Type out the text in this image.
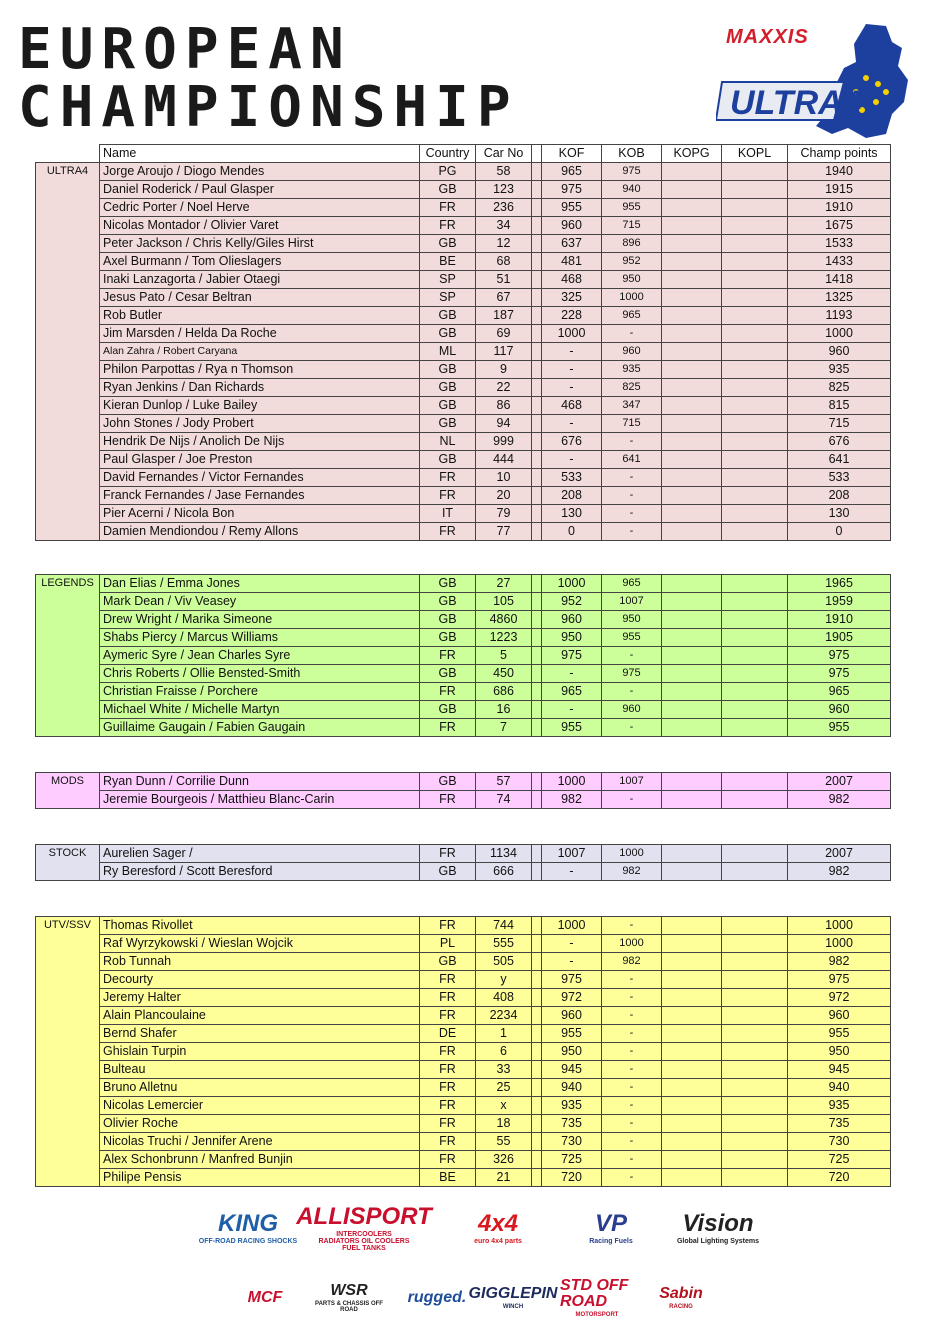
EUROPEAN
CHAMPIONSHIP	ULTRA4
MAXXIS
	Name	Country	Car No		KOF	KOB	KOPG	KOPL	Champ points
ULTRA4	Jorge Aroujo / Diogo Mendes	PG	58		965	975			1940
	Daniel Roderick / Paul Glasper	GB	123		975	940			1915
	Cedric Porter / Noel Herve	FR	236		955	955			1910
	Nicolas Montador / Olivier Varet	FR	34		960	715			1675
	Peter Jackson / Chris Kelly/Giles Hirst	GB	12		637	896			1533
	Axel Burmann / Tom Olieslagers	BE	68		481	952			1433
	Inaki Lanzagorta / Jabier Otaegi	SP	51		468	950			1418
	Jesus Pato / Cesar Beltran	SP	67		325	1000			1325
	Rob Butler	GB	187		228	965			1193
	Jim Marsden / Helda Da Roche	GB	69		1000	-			1000
	Alan Zahra / Robert Caryana	ML	117		-	960			960
	Philon Parpottas / Rya n Thomson	GB	9		-	935			935
	Ryan Jenkins / Dan Richards	GB	22		-	825			825
	Kieran Dunlop / Luke Bailey	GB	86		468	347			815
	John Stones / Jody Probert	GB	94		-	715			715
	Hendrik De Nijs / Anolich De Nijs	NL	999		676	-			676
	Paul Glasper / Joe Preston	GB	444		-	641			641
	David Fernandes / Victor Fernandes	FR	10		533	-			533
	Franck Fernandes / Jase Fernandes	FR	20		208	-			208
	Pier Acerni / Nicola Bon	IT	79		130	-			130
	Damien Mendiondou / Remy Allons	FR	77		0	-			0
LEGENDS	Dan Elias / Emma Jones	GB	27		1000	965			1965
	Mark Dean / Viv Veasey	GB	105		952	1007			1959
	Drew Wright / Marika Simeone	GB	4860		960	950			1910
	Shabs Piercy / Marcus Williams	GB	1223		950	955			1905
	Aymeric Syre / Jean Charles Syre	FR	5		975	-			975
	Chris Roberts / Ollie Bensted-Smith	GB	450		-	975			975
	Christian Fraisse / Porchere	FR	686		965	-			965
	Michael White / Michelle Martyn	GB	16		-	960			960
	Guillaime Gaugain / Fabien Gaugain	FR	7		955	-			955
MODS	Ryan Dunn / Corrilie Dunn	GB	57		1000	1007			2007
	Jeremie Bourgeois / Matthieu Blanc-Carin	FR	74		982	-			982
STOCK	Aurelien Sager /	FR	1134		1007	1000			2007
	Ry Beresford / Scott Beresford	GB	666		-	982			982
UTV/SSV	Thomas Rivollet	FR	744		1000	-			1000
	Raf Wyrzykowski / Wieslan Wojcik	PL	555		-	1000			1000
	Rob Tunnah	GB	505		-	982			982
	Decourty	FR	y		975	-			975
	Jeremy Halter	FR	408		972	-			972
	Alain Plancoulaine	FR	2234		960	-			960
	Bernd Shafer	DE	1		955	-			955
	Ghislain Turpin	FR	6		950	-			950
	Bulteau	FR	33		945	-			945
	Bruno Alletnu	FR	25		940	-			940
	Nicolas Lemercier	FR	x		935	-			935
	Olivier Roche	FR	18		735	-			735
	Nicolas Truchi / Jennifer Arene	FR	55		730	-			730
	Alex Schonbrunn / Manfred Bunjin	FR	326		725	-			725
	Philipe Pensis	BE	21		720	-			720
KING
OFF-ROAD RACING SHOCKS
ALLISPORT
INTERCOOLERS RADIATORS OIL COOLERS FUEL TANKS
4x4
euro 4x4 parts
VP
Racing Fuels
Vision
Global Lighting Systems
MCF	WSR
PARTS & CHASSIS OFF ROAD
rugged. GIGGLEPIN
WINCH
STD OFF ROAD
MOTORSPORT
Sabin
RACING
